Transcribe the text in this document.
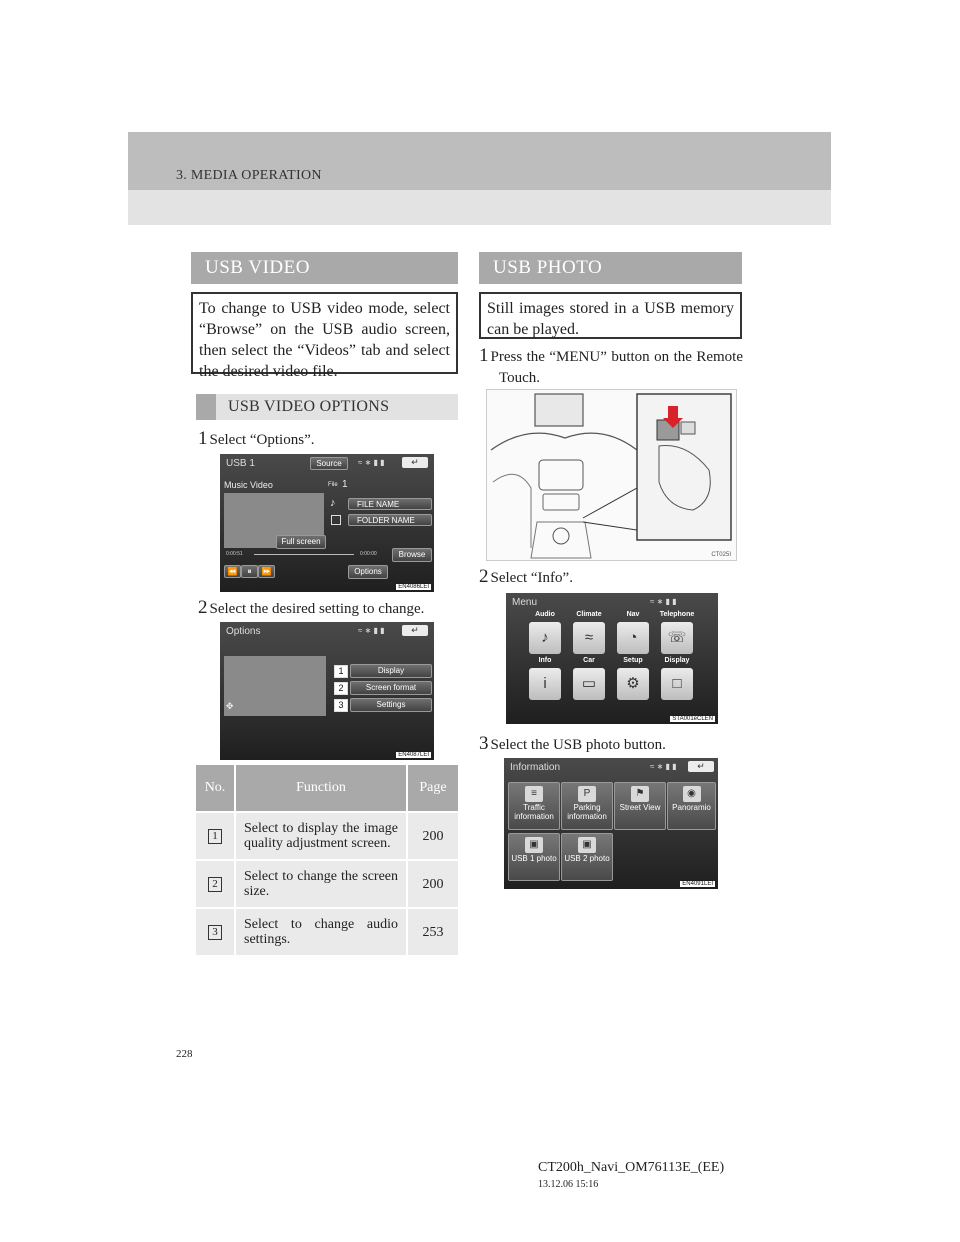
3. MEDIA OPERATION
USB VIDEO
To change to USB video mode, select “Browse” on the USB audio screen, then select the “Videos” tab and select the desired video file.
USB VIDEO OPTIONS
1 Select “Options”.
USB 1	Source	≈ ∗ ▮ ▮	↵
Music Video	File 1
♪	FILE NAME
FOLDER NAME
Full screen
Browse
0:00:51	0:00:00
⏪	⏸	⏩	Options
EN4086LEI
2 Select the desired setting to change.
Options	≈ ∗ ▮ ▮	↵
✥
1	Display
2	Screen format
3	Settings
EN4087LEI
No.	Function	Page
1	Select to display the image quality adjustment screen.	200
2	Select to change the screen size.	200
3	Select to change audio settings.	253
USB PHOTO
Still images stored in a USB memory can be played.
1 Press the “MENU” button on the Remote Touch.
CT025I
2 Select “Info”.
Menu	≈ ∗ ▮ ▮
Audio	Climate	Nav	Telephone
♪	≈	◔	☏
Info	Car	Setup	Display
i	▭	⚙	□
STA001eCLEN
3 Select the USB photo button.
Information	≈ ∗ ▮ ▮	↵
≡
Traffic information
P
Parking information
⚑
Street View
◉
Panoramio
▣
USB 1 photo
▣
USB 2 photo
EN4091LEI
228
CT200h_Navi_OM76113E_(EE)
13.12.06 15:16
